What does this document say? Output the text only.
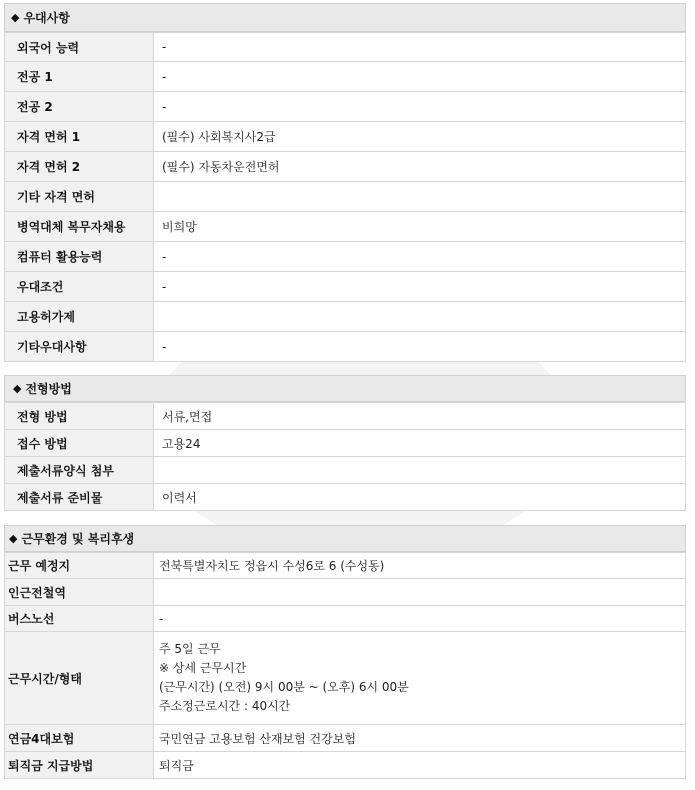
◆ 우대사항
외국어 능력	-
전공 1	-
전공 2	-
자격 면허 1	(필수) 사회복지사2급
자격 면허 2	(필수) 자동차운전면허
기타 자격 면허	
병역대체 복무자채용	비희망
컴퓨터 활용능력	-
우대조건	-
고용허가제	
기타우대사항	-
◆ 전형방법
전형 방법	서류,면접
접수 방법	고용24
제출서류양식 첨부	
제출서류 준비물	이력서
◆ 근무환경 및 복리후생
근무 예정지	전북특별자치도 정읍시 수성6로 6 (수성동)
인근전철역	
버스노선	-
근무시간/형태	주 5일 근무
※ 상세 근무시간
(근무시간) (오전) 9시 00분 ~ (오후) 6시 00분
주소정근로시간 : 40시간

연금4대보험	국민연금 고용보험 산재보험 건강보험
퇴직금 지급방법	퇴직금
